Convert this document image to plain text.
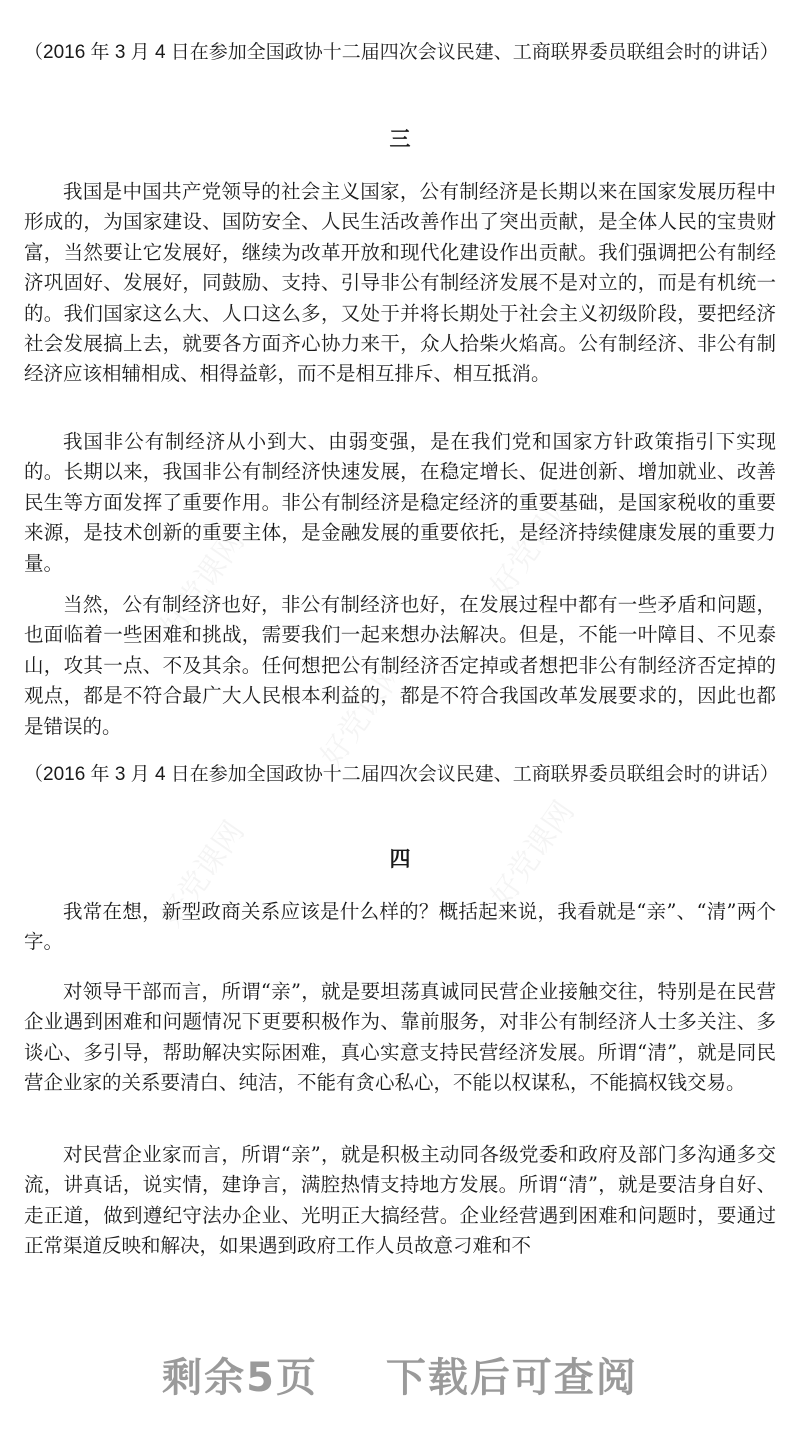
好党课网	好党课网
好党课网
好党课网	好党课网
（2016 年 3 月 4 日在参加全国政协十二届四次会议民建、工商联界委员联组会时的讲话）
三

我国是中国共产党领导的社会主义国家，公有制经济是长期以来在国家发展历程中形成的，为国家建设、国防安全、人民生活改善作出了突出贡献，是全体人民的宝贵财富，当然要让它发展好，继续为改革开放和现代化建设作出贡献。我们强调把公有制经济巩固好、发展好，同鼓励、支持、引导非公有制经济发展不是对立的，而是有机统一的。我们国家这么大、人口这么多，又处于并将长期处于社会主义初级阶段，要把经济社会发展搞上去，就要各方面齐心协力来干，众人拾柴火焰高。公有制经济、非公有制经济应该相辅相成、相得益彰，而不是相互排斥、相互抵消。

我国非公有制经济从小到大、由弱变强，是在我们党和国家方针政策指引下实现的。长期以来，我国非公有制经济快速发展，在稳定增长、促进创新、增加就业、改善民生等方面发挥了重要作用。非公有制经济是稳定经济的重要基础，是国家税收的重要来源，是技术创新的重要主体，是金融发展的重要依托，是经济持续健康发展的重要力量。

当然，公有制经济也好，非公有制经济也好，在发展过程中都有一些矛盾和问题，也面临着一些困难和挑战，需要我们一起来想办法解决。但是，不能一叶障目、不见泰山，攻其一点、不及其余。任何想把公有制经济否定掉或者想把非公有制经济否定掉的观点，都是不符合最广大人民根本利益的，都是不符合我国改革发展要求的，因此也都是错误的。

（2016 年 3 月 4 日在参加全国政协十二届四次会议民建、工商联界委员联组会时的讲话）
四

我常在想，新型政商关系应该是什么样的？概括起来说，我看就是“亲”、“清”两个字。

对领导干部而言，所谓“亲”，就是要坦荡真诚同民营企业接触交往，特别是在民营企业遇到困难和问题情况下更要积极作为、靠前服务，对非公有制经济人士多关注、多谈心、多引导，帮助解决实际困难，真心实意支持民营经济发展。所谓“清”，就是同民营企业家的关系要清白、纯洁，不能有贪心私心，不能以权谋私，不能搞权钱交易。

对民营企业家而言，所谓“亲”，就是积极主动同各级党委和政府及部门多沟通多交流，讲真话，说实情，建诤言，满腔热情支持地方发展。所谓“清”，就是要洁身自好、走正道，做到遵纪守法办企业、光明正大搞经营。企业经营遇到困难和问题时，要通过正常渠道反映和解决，如果遇到政府工作人员故意刁难和不

剩余5页 下载后可查阅
